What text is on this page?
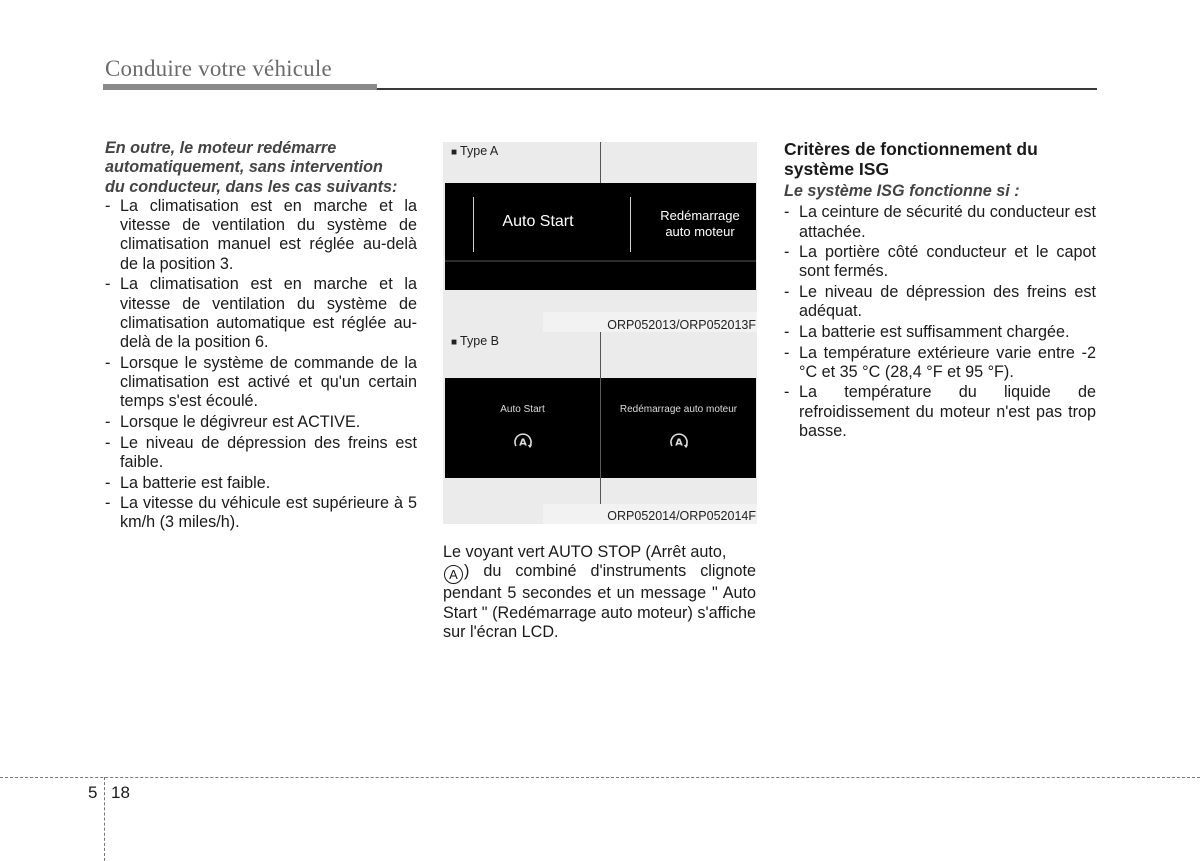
Conduire votre véhicule

En outre, le moteur redémarre
automatiquement, sans intervention
du conducteur, dans les cas suivants:

- La climatisation est en marche et la vitesse de ventilation du système de climatisation manuel est réglée au-delà de la position 3.
- La climatisation est en marche et la vitesse de ventilation du système de climatisation automatique est réglée au-delà de la position 6.
- Lorsque le système de commande de la climatisation est activé et qu'un certain temps s'est écoulé.
- Lorsque le dégivreur est ACTIVE.
- Le niveau de dépression des freins est faible.
- La batterie est faible.
- La vitesse du véhicule est supérieure à 5 km/h (3 miles/h).
■ Type A
Auto Start	Redémarrage
auto moteur
ORP052013/ORP052013F
■ Type B
Auto Start	Redémarrage auto moteur
A	A
ORP052014/ORP052014F

Le voyant vert AUTO STOP (Arrêt auto,
A ) du combiné d'instruments clignote pendant 5 secondes et un message " Auto Start " (Redémarrage auto moteur) s'affiche sur l'écran LCD.

Critères de fonctionnement du système ISG

Le système ISG fonctionne si :

- La ceinture de sécurité du conducteur est attachée.
- La portière côté conducteur et le capot sont fermés.
- Le niveau de dépression des freins est adéquat.
- La batterie est suffisamment chargée.
- La température extérieure varie entre -2 °C et 35 °C (28,4 °F et 95 °F).
- La température du liquide de refroidissement du moteur n'est pas trop basse.
5 18
